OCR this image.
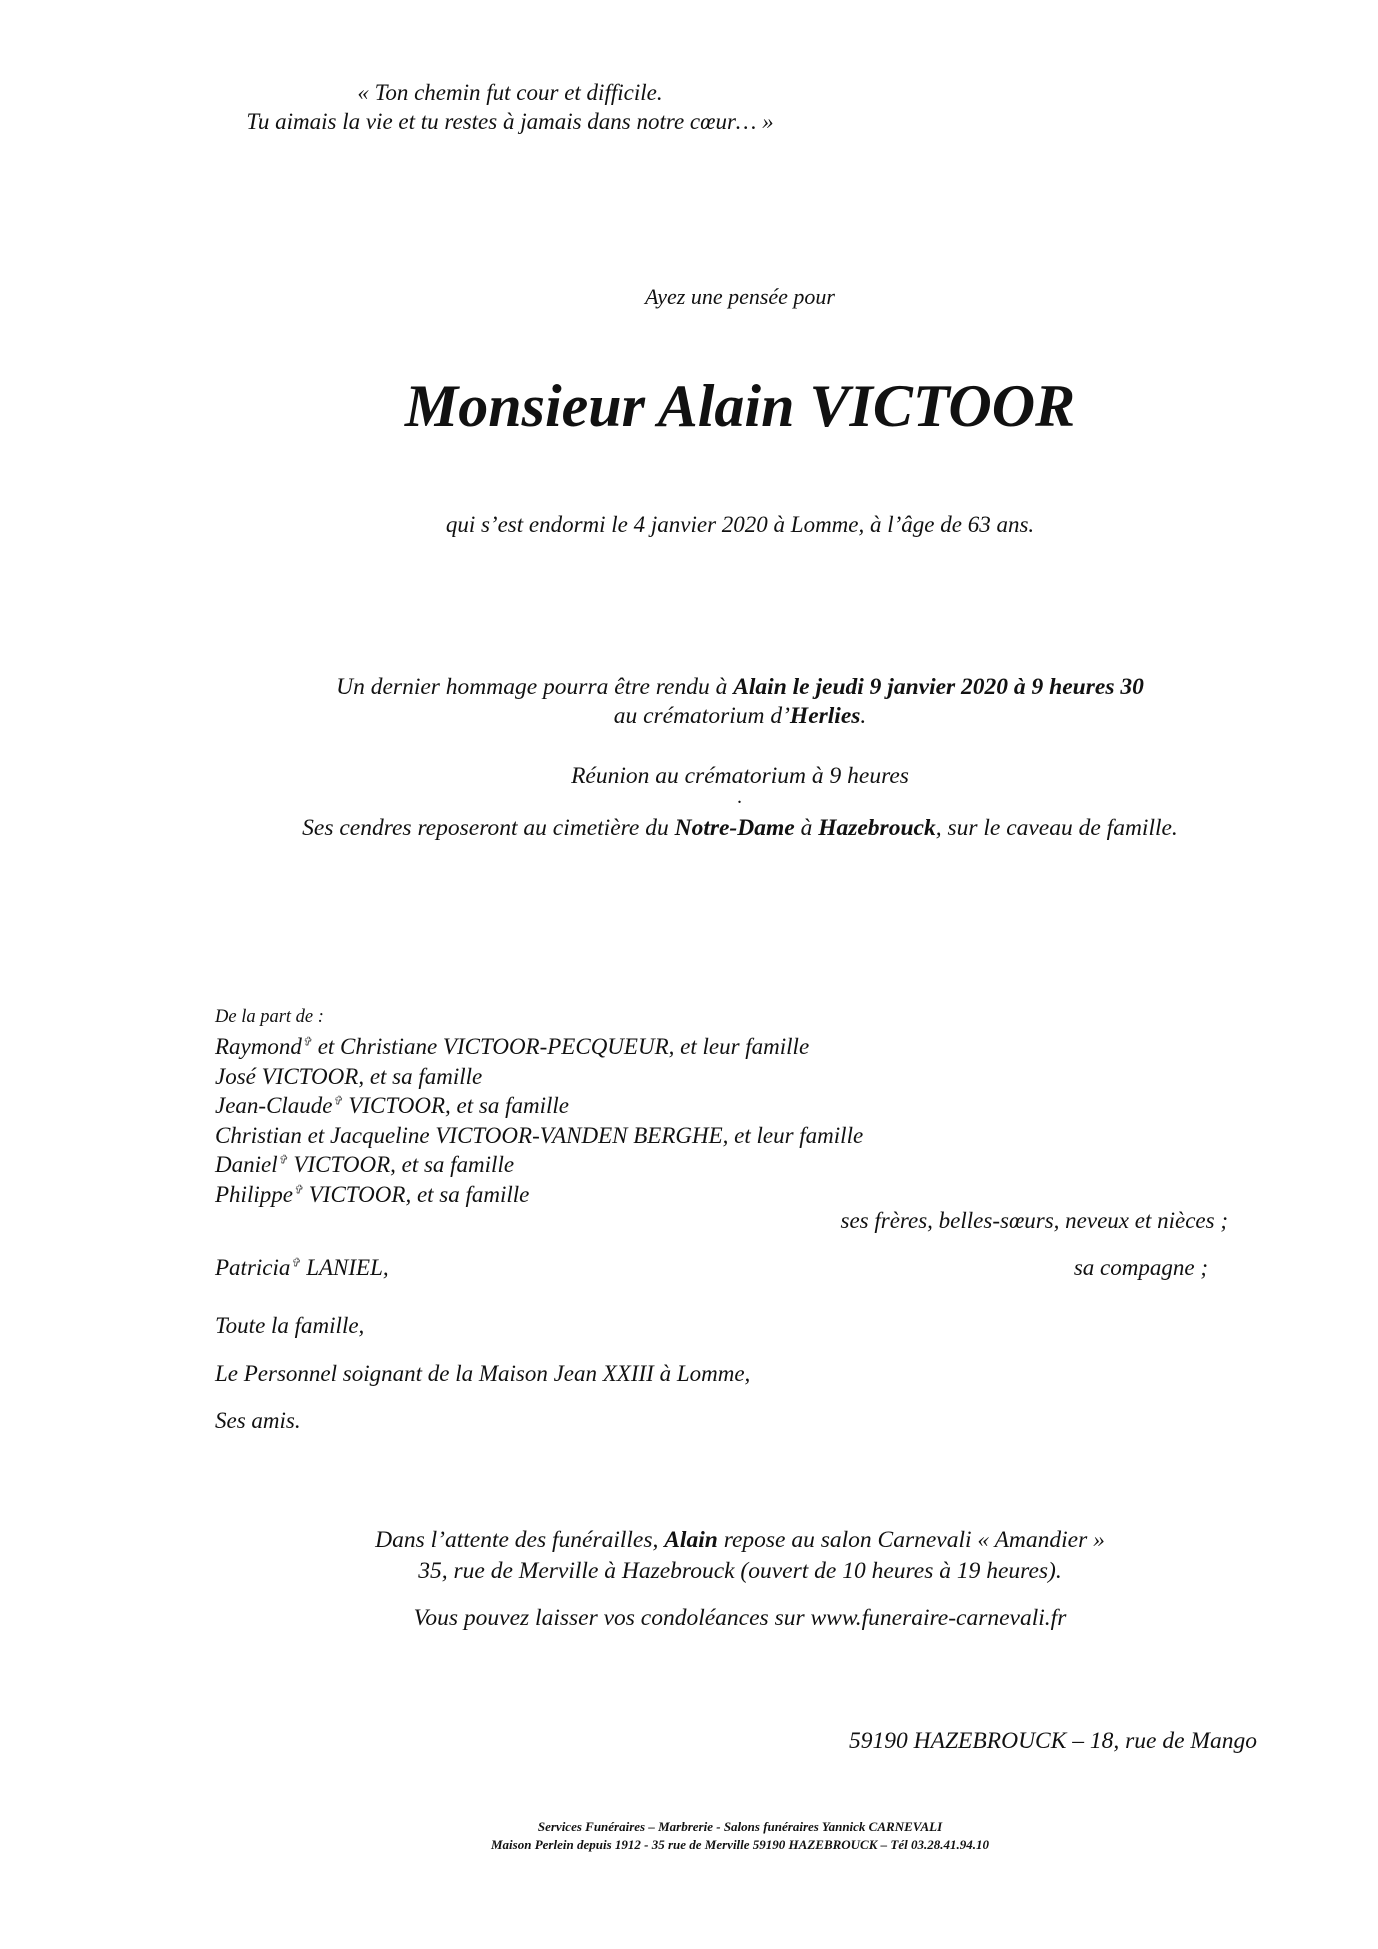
« Ton chemin fut cour et difficile.
Tu aimais la vie et tu restes à jamais dans notre cœur… »
Ayez une pensée pour
Monsieur Alain VICTOOR
qui s’est endormi le 4 janvier 2020 à Lomme, à l’âge de 63 ans.
Un dernier hommage pourra être rendu à Alain le jeudi 9 janvier 2020 à 9 heures 30
au crématorium d’Herlies.
Réunion au crématorium à 9 heures
.
Ses cendres reposeront au cimetière du Notre-Dame à Hazebrouck, sur le caveau de famille.
De la part de :
Raymond✞ et Christiane VICTOOR-PECQUEUR, et leur famille
José VICTOOR, et sa famille
Jean-Claude✞ VICTOOR, et sa famille
Christian et Jacqueline VICTOOR-VANDEN BERGHE, et leur famille
Daniel✞ VICTOOR, et sa famille
Philippe✞ VICTOOR, et sa famille
ses frères, belles-sœurs, neveux et nièces ;
Patricia✞ LANIEL,	sa compagne ;
Toute la famille,
Le Personnel soignant de la Maison Jean XXIII à Lomme,
Ses amis.
Dans l’attente des funérailles, Alain repose au salon Carnevali « Amandier »
35, rue de Merville à Hazebrouck (ouvert de 10 heures à 19 heures).
Vous pouvez laisser vos condoléances sur www.funeraire-carnevali.fr
59190 HAZEBROUCK – 18, rue de Mango
Services Funéraires – Marbrerie - Salons funéraires Yannick CARNEVALI
Maison Perlein depuis 1912 - 35 rue de Merville 59190 HAZEBROUCK – Tél 03.28.41.94.10
